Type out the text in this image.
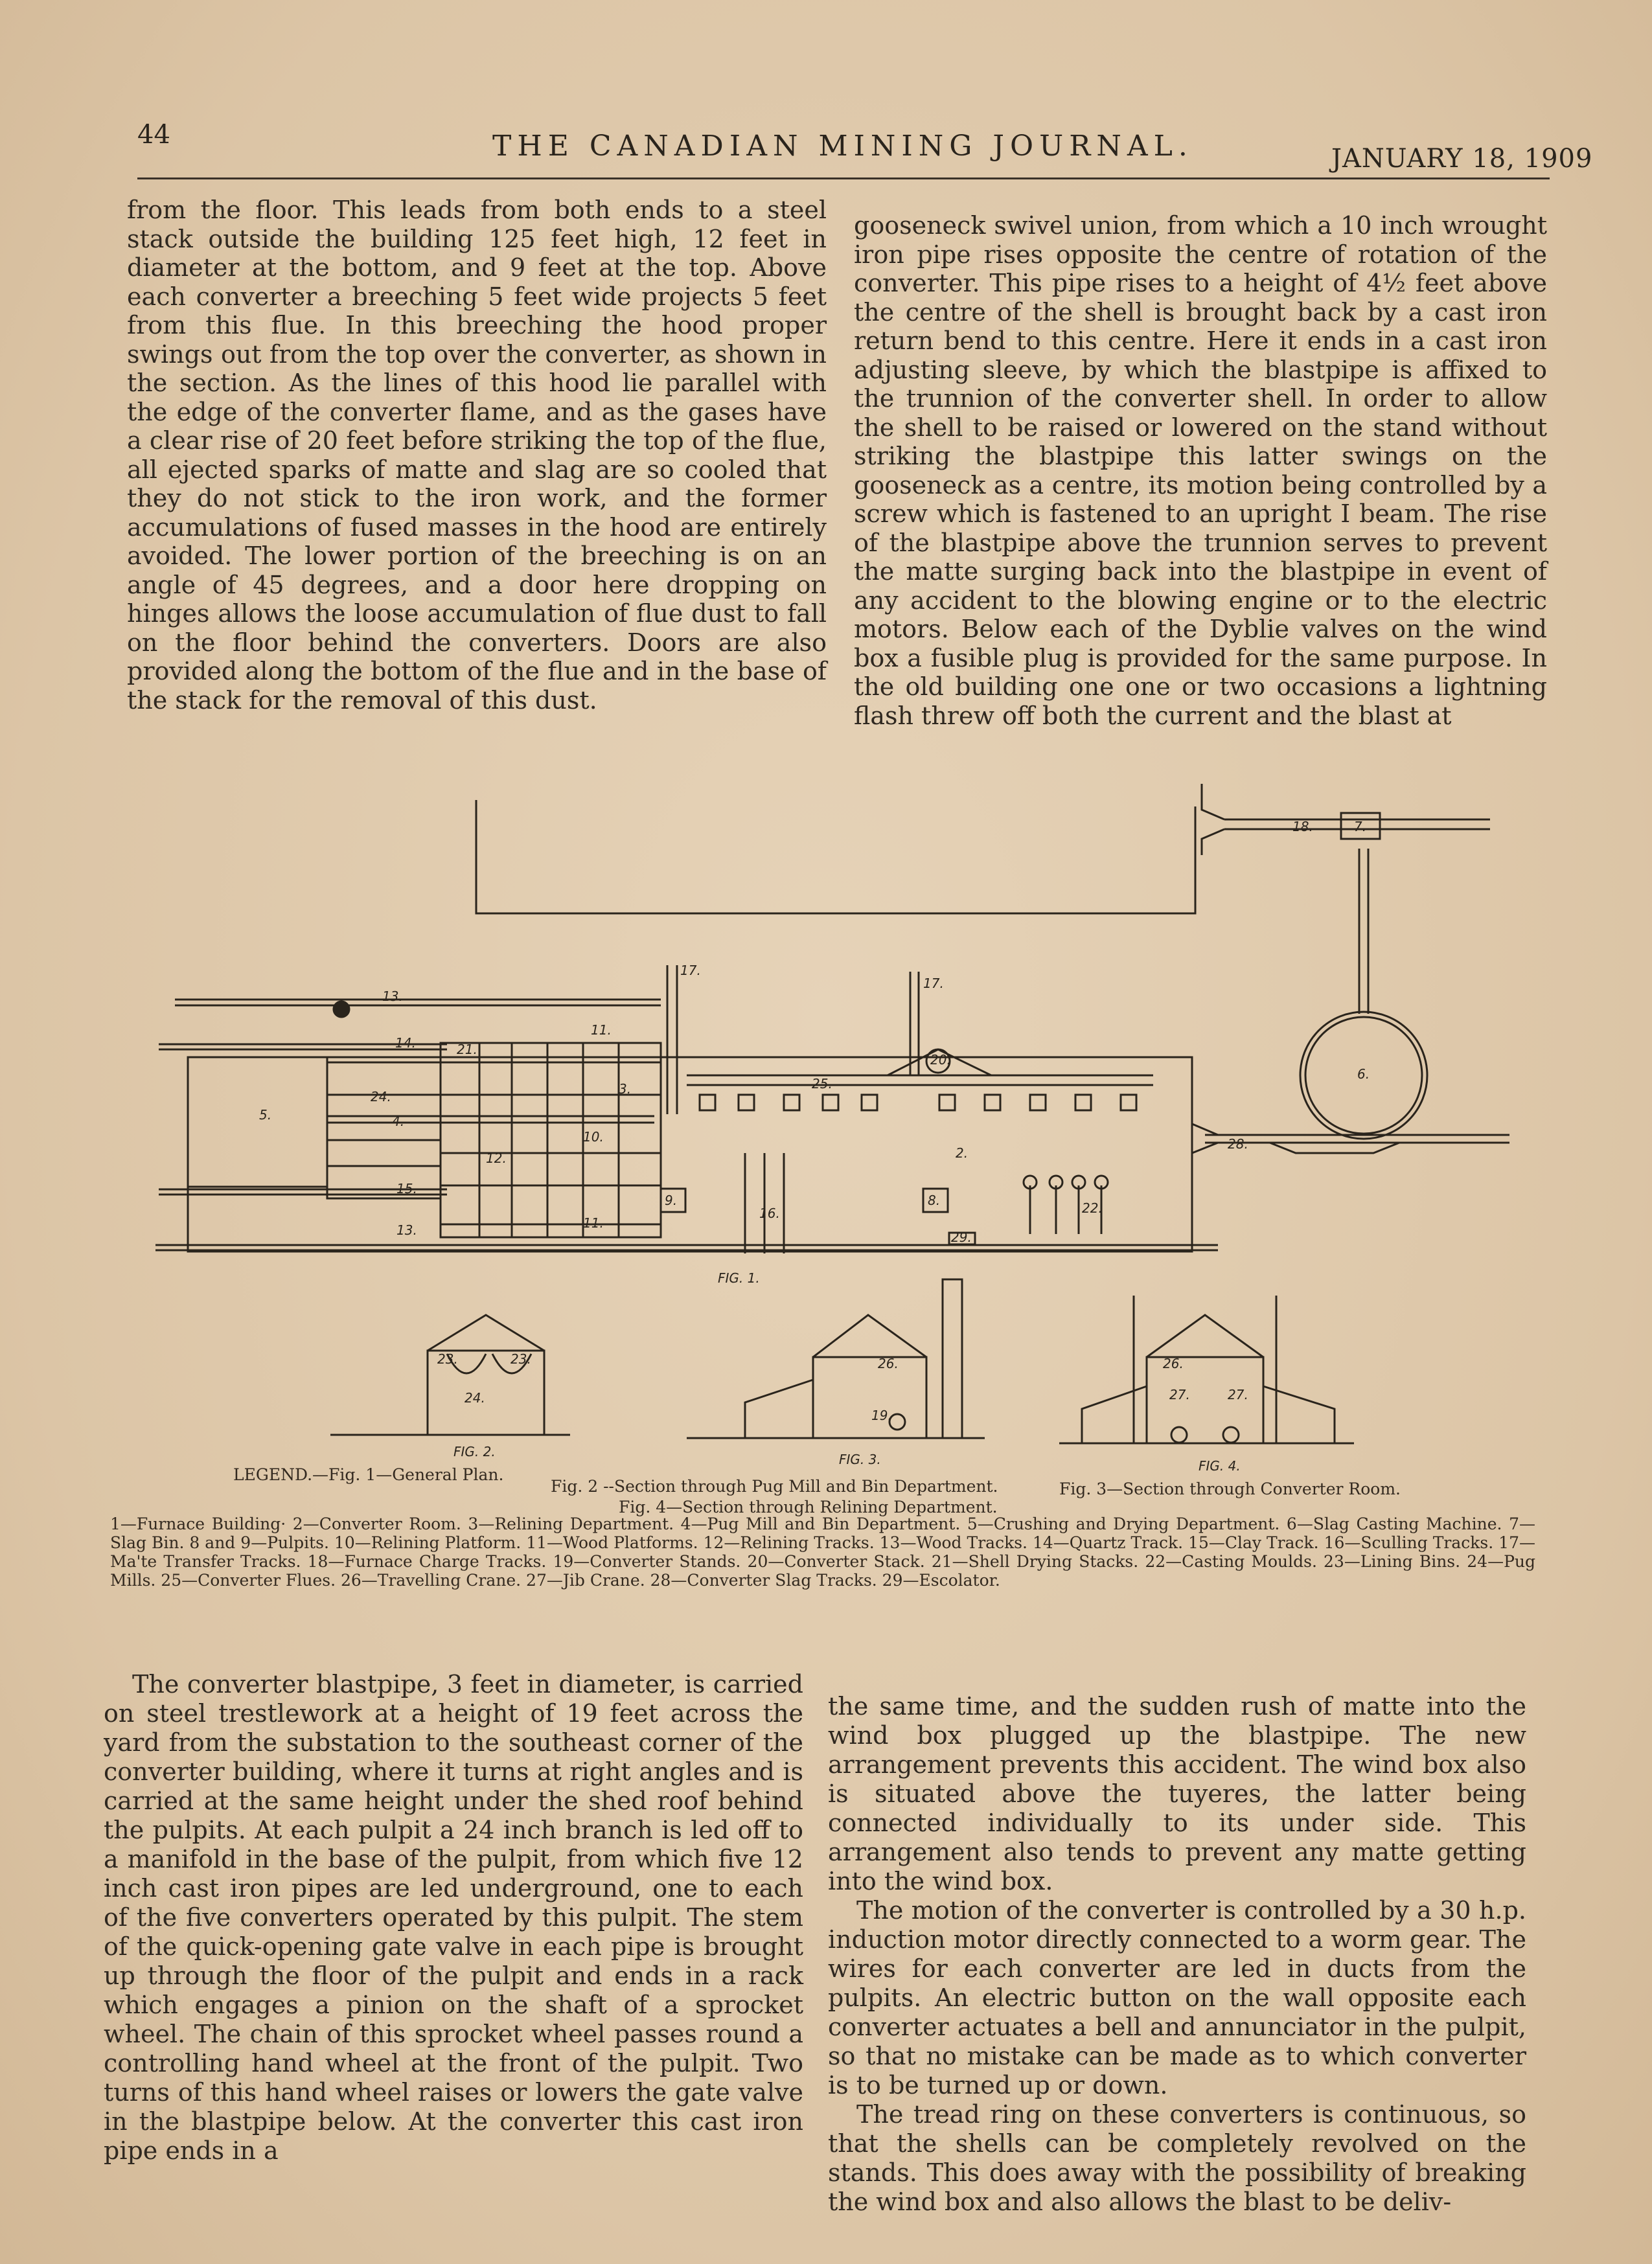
44	THE CANADIAN MINING JOURNAL.	JANUARY 18, 1909

from the floor. This leads from both ends to a steel stack outside the building 125 feet high, 12 feet in diameter at the bottom, and 9 feet at the top. Above each converter a breeching 5 feet wide projects 5 feet from this flue. In this breeching the hood proper swings out from the top over the converter, as shown in the section. As the lines of this hood lie parallel with the edge of the converter flame, and as the gases have a clear rise of 20 feet before striking the top of the flue, all ejected sparks of matte and slag are so cooled that they do not stick to the iron work, and the former accumulations of fused masses in the hood are entirely avoided. The lower portion of the breeching is on an angle of 45 degrees, and a door here dropping on hinges allows the loose accumulation of flue dust to fall on the floor behind the converters. Doors are also provided along the bottom of the flue and in the base of the stack for the removal of this dust.

gooseneck swivel union, from which a 10 inch wrought iron pipe rises opposite the centre of rotation of the converter. This pipe rises to a height of 4½ feet above the centre of the shell is brought back by a cast iron return bend to this centre. Here it ends in a cast iron adjusting sleeve, by which the blastpipe is affixed to the trunnion of the converter shell. In order to allow the shell to be raised or lowered on the stand without striking the blastpipe this latter swings on the gooseneck as a centre, its motion being controlled by a screw which is fastened to an upright I beam. The rise of the blastpipe above the trunnion serves to prevent the matte surging back into the blastpipe in event of any accident to the blowing engine or to the electric motors. Below each of the Dyblie valves on the wind box a fusible plug is provided for the same purpose. In the old building one one or two occasions a lightning flash threw off both the current and the blast at

FIG. 1.
FIG. 2.	FIG. 3.	FIG. 4.
13.
11.
14.	21.
5.
24.
4.
3.
10.
12.
15.
13.	11.
17.
17.
25.
20.
2.
9.	8.
16.	22.
29.
28.
6.
7.
18.
23.	23.
24.
26.
19.
26.
27.	27.
LEGEND.—Fig. 1—General Plan.
Fig. 2 --Section through Pug Mill and Bin Department.
Fig. 4—Section through Relining Department.
Fig. 3—Section through Converter Room.
1—Furnace Building· 2—Converter Room. 3—Relining Department. 4—Pug Mill and Bin Department. 5—Crushing and Drying Department. 6—Slag Casting Machine. 7—Slag Bin. 8 and 9—Pulpits. 10—Relining Platform. 11—Wood Platforms. 12—Relining Tracks. 13—Wood Tracks. 14—Quartz Track. 15—Clay Track. 16—Sculling Tracks. 17—Ma'te Transfer Tracks. 18—Furnace Charge Tracks. 19—Converter Stands. 20—Converter Stack. 21—Shell Drying Stacks. 22—Casting Moulds. 23—Lining Bins. 24—Pug Mills. 25—Converter Flues. 26—Travelling Crane. 27—Jib Crane. 28—Converter Slag Tracks. 29—Escolator.

The converter blastpipe, 3 feet in diameter, is carried on steel trestlework at a height of 19 feet across the yard from the substation to the southeast corner of the converter building, where it turns at right angles and is carried at the same height under the shed roof behind the pulpits. At each pulpit a 24 inch branch is led off to a manifold in the base of the pulpit, from which five 12 inch cast iron pipes are led underground, one to each of the five converters operated by this pulpit. The stem of the quick-opening gate valve in each pipe is brought up through the floor of the pulpit and ends in a rack which engages a pinion on the shaft of a sprocket wheel. The chain of this sprocket wheel passes round a controlling hand wheel at the front of the pulpit. Two turns of this hand wheel raises or lowers the gate valve in the blastpipe below. At the converter this cast iron pipe ends in a

the same time, and the sudden rush of matte into the wind box plugged up the blastpipe. The new arrangement prevents this accident. The wind box also is situated above the tuyeres, the latter being connected individually to its under side. This arrangement also tends to prevent any matte getting into the wind box.

The motion of the converter is controlled by a 30 h.p. induction motor directly connected to a worm gear. The wires for each converter are led in ducts from the pulpits. An electric button on the wall opposite each converter actuates a bell and annunciator in the pulpit, so that no mistake can be made as to which converter is to be turned up or down.

The tread ring on these converters is continuous, so that the shells can be completely revolved on the stands. This does away with the possibility of breaking the wind box and also allows the blast to be deliv-
